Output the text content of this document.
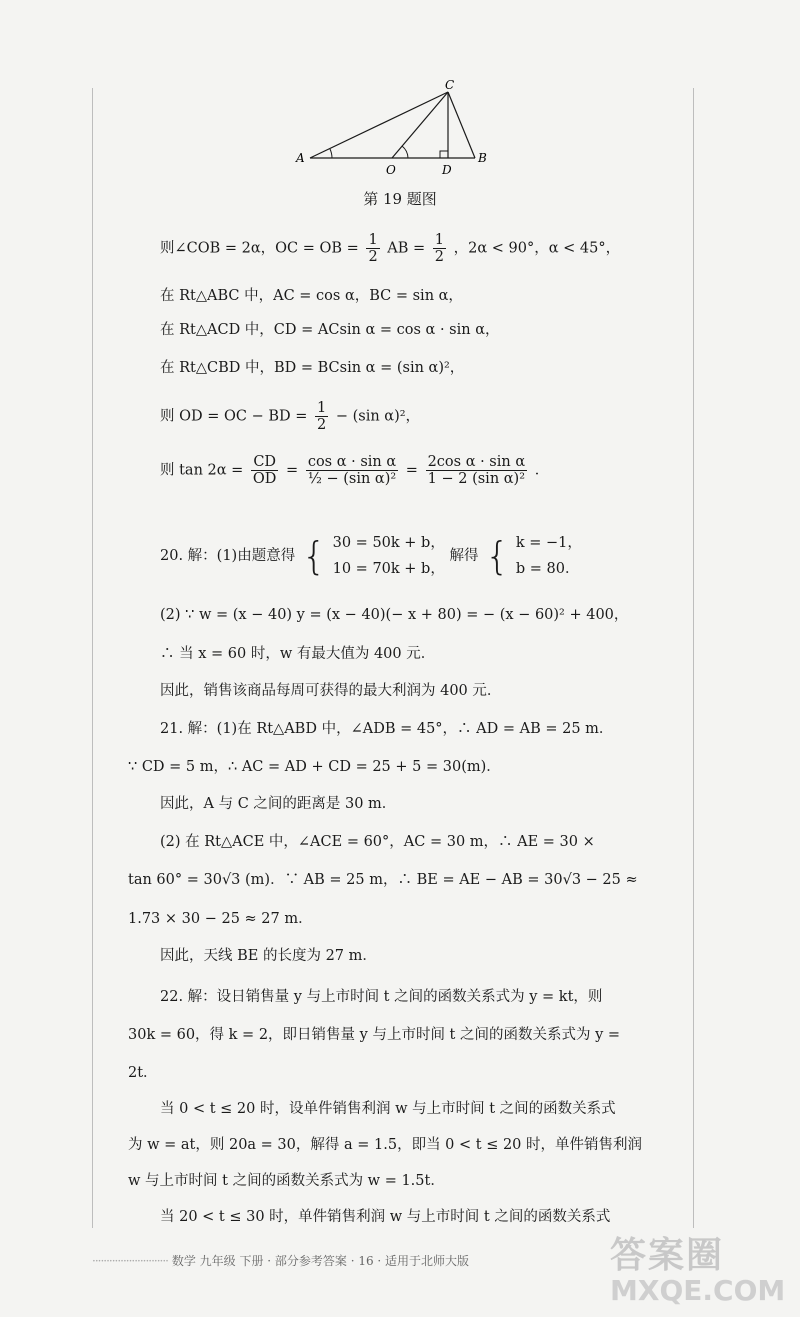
A
O	D
B
C
第 19 题图
则∠COB = 2α，OC = OB = $\frac{1}{2}$ AB = $\frac{1}{2}$ ，2α < 90°，α < 45°，
在 Rt△ABC 中，AC = cos α，BC = sin α，
在 Rt△ACD 中，CD = ACsin α = cos α · sin α，
在 Rt△CBD 中，BD = BCsin α = (sin α)²，
则 OD = OC − BD = $\frac{1}{2} - (\sin$ α)²，
则 $\tan 2\alpha = \frac{CD}{OD} = \frac{\text{cos α · sin α}}{\text{½ − (sin α)²}} = \frac{\text{2cos α · sin α}}{\text{1 − 2 (sin α)²}}$ ．
20. 解：(1)由题意得 { 30 = 50k + b，
10 = 70k + b，
解得 { k = −1，
b = 80．
(2) ∵ w = (x − 40) y = (x − 40)(− x + 80) = − (x − 60)² + 400，
∴ 当 x = 60 时，w 有最大值为 400 元．
因此，销售该商品每周可获得的最大利润为 400 元．
21. 解：(1)在 Rt△ABD 中，∠ADB = 45°，∴ AD = AB = 25 m．
∵ CD = 5 m，∴ AC = AD + CD = 25 + 5 = 30(m)．
因此，A 与 C 之间的距离是 30 m．
(2) 在 Rt△ACE 中，∠ACE = 60°，AC = 30 m，∴ AE = 30 ×
tan 60° = 30√3 (m)．∵ AB = 25 m，∴ BE = AE − AB = 30√3 − 25 ≈
1.73 × 30 − 25 ≈ 27 m．
因此，天线 BE 的长度为 27 m．
22. 解：设日销售量 y 与上市时间 t 之间的函数关系式为 y = kt，则
30k = 60，得 k = 2，即日销售量 y 与上市时间 t 之间的函数关系式为 y =
2t．
当 0 < t ≤ 20 时，设单件销售利润 w 与上市时间 t 之间的函数关系式
为 w = at，则 20a = 30，解得 a = 1.5，即当 0 < t ≤ 20 时，单件销售利润
w 与上市时间 t 之间的函数关系式为 w = 1.5t．
当 20 < t ≤ 30 时，单件销售利润 w 与上市时间 t 之间的函数关系式
··························· 数学 九年级 下册 · 部分参考答案 · 16 · 适用于北师大版	答案圈
MXQE.COM
